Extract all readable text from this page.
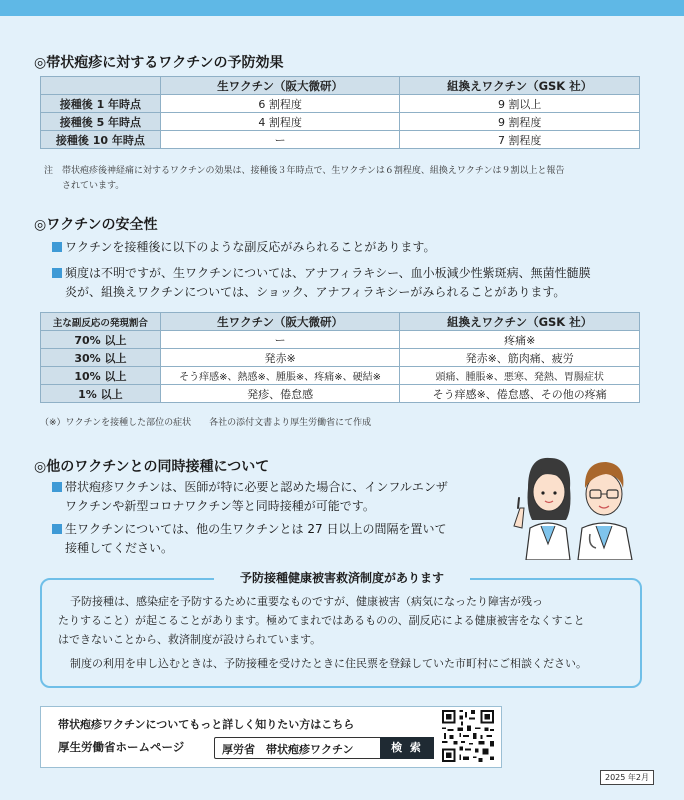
◎帯状疱疹に対するワクチンの予防効果
	生ワクチン（阪大微研）	組換えワクチン（GSK 社）
接種後 1 年時点	6 割程度	9 割以上
接種後 5 年時点	4 割程度	9 割程度
接種後 10 年時点	ー	7 割程度
注　帯状疱疹後神経痛に対するワクチンの効果は、接種後３年時点で、生ワクチンは６割程度、組換えワクチンは９割以上と報告
されています。
◎ワクチンの安全性
ワクチンを接種後に以下のような副反応がみられることがあります。
頻度は不明ですが、生ワクチンについては、アナフィラキシー、血小板減少性紫斑病、無菌性髄膜
炎が、組換えワクチンについては、ショック、アナフィラキシーがみられることがあります。
主な副反応の発現割合	生ワクチン（阪大微研）	組換えワクチン（GSK 社）
70% 以上	ー	疼痛※
30% 以上	発赤※	発赤※、筋肉痛、疲労
10% 以上	そう痒感※、熱感※、腫脹※、疼痛※、硬結※	頭痛、腫脹※、悪寒、発熱、胃腸症状
1% 以上	発疹、倦怠感	そう痒感※、倦怠感、その他の疼痛
（※）ワクチンを接種した部位の症状　　各社の添付文書より厚生労働省にて作成
◎他のワクチンとの同時接種について
帯状疱疹ワクチンは、医師が特に必要と認めた場合に、インフルエンザ
ワクチンや新型コロナワクチン等と同時接種が可能です。
生ワクチンについては、他の生ワクチンとは 27 日以上の間隔を置いて
接種してください。
予防接種健康被害救済制度があります
予防接種は、感染症を予防するために重要なものですが、健康被害（病気になったり障害が残っ
たりすること）が起こることがあります。極めてまれではあるものの、副反応による健康被害をなくすこと
はできないことから、救済制度が設けられています。
制度の利用を申し込むときは、予防接種を受けたときに住民票を登録していた市町村にご相談ください。
帯状疱疹ワクチンについてもっと詳しく知りたい方はこちら
厚生労働省ホームページ	厚労省　帯状疱疹ワクチン	検 索
2025 年2月
